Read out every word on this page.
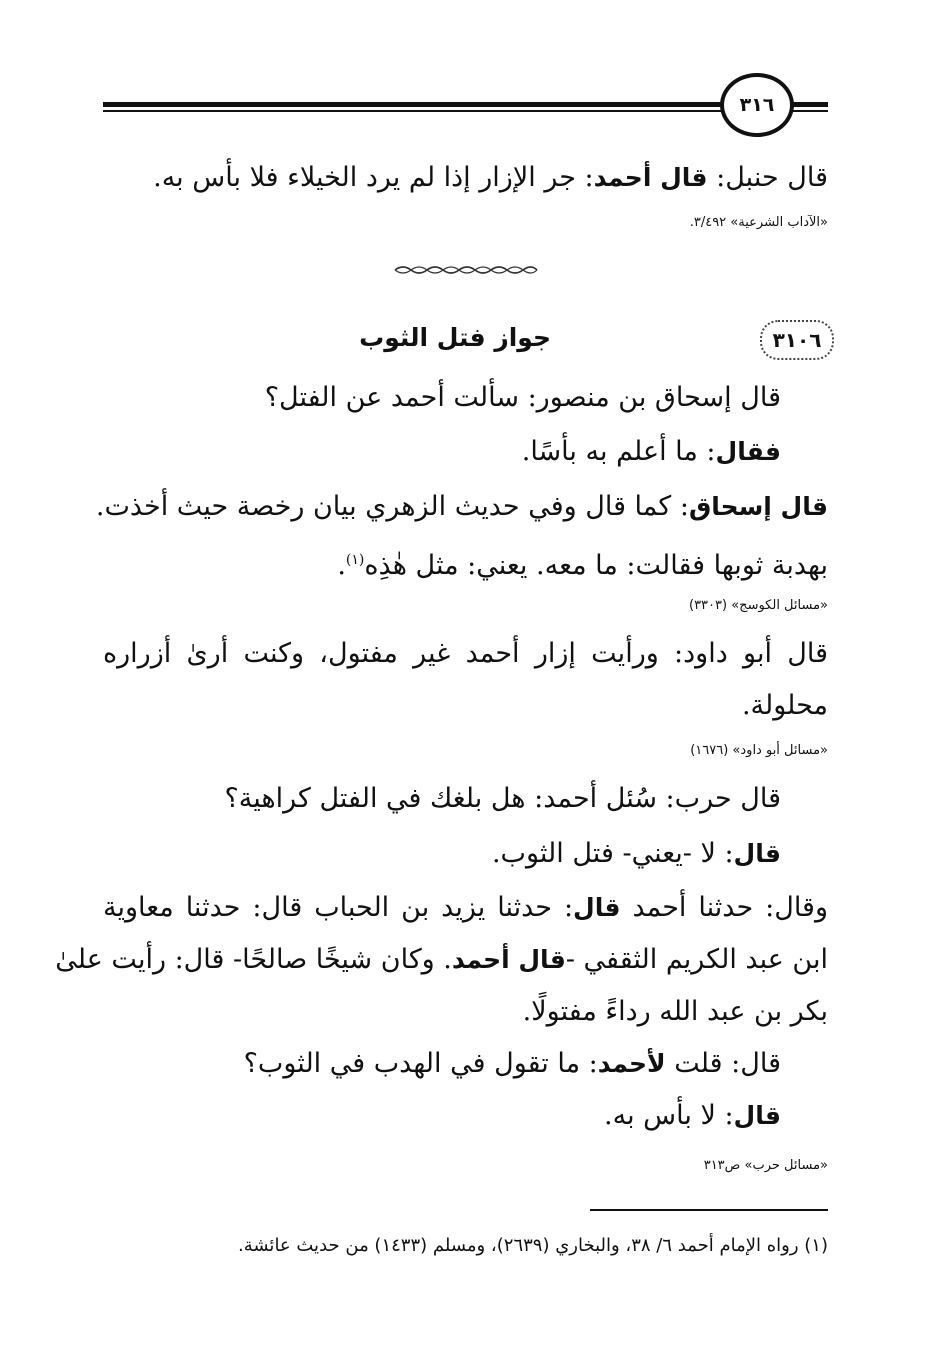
٣١٦
قال حنبل: قال أحمد: جر الإزار إذا لم يرد الخيلاء فلا بأس به.
«الآداب الشرعية» ٣/٤٩٢.
٣١٠٦
جواز فتل الثوب
قال إسحاق بن منصور: سألت أحمد عن الفتل؟
فقال: ما أعلم به بأسًا.
قال إسحاق: كما قال وفي حديث الزهري بيان رخصة حيث أخذت.
بهدبة ثوبها فقالت: ما معه. يعني: مثل هٰذِه$^{(١)}$.
«مسائل الكوسج» (٣٣٠٣)
قال أبو داود: ورأيت إزار أحمد غير مفتول، وكنت أرىٰ أزراره
محلولة.
«مسائل أبو داود» (١٦٧٦)
قال حرب: سُئل أحمد: هل بلغك في الفتل كراهية؟
قال: لا -يعني- فتل الثوب.
وقال: حدثنا أحمد قال: حدثنا يزيد بن الحباب قال: حدثنا معاوية
ابن عبد الكريم الثقفي -قال أحمد. وكان شيخًا صالحًا- قال: رأيت علىٰ
بكر بن عبد الله رداءً مفتولًا.
قال: قلت لأحمد: ما تقول في الهدب في الثوب؟
قال: لا بأس به.
«مسائل حرب» ص٣١٣
(١) رواه الإمام أحمد ٦/ ٣٨، والبخاري (٢٦٣٩)، ومسلم (١٤٣٣) من حديث عائشة.
